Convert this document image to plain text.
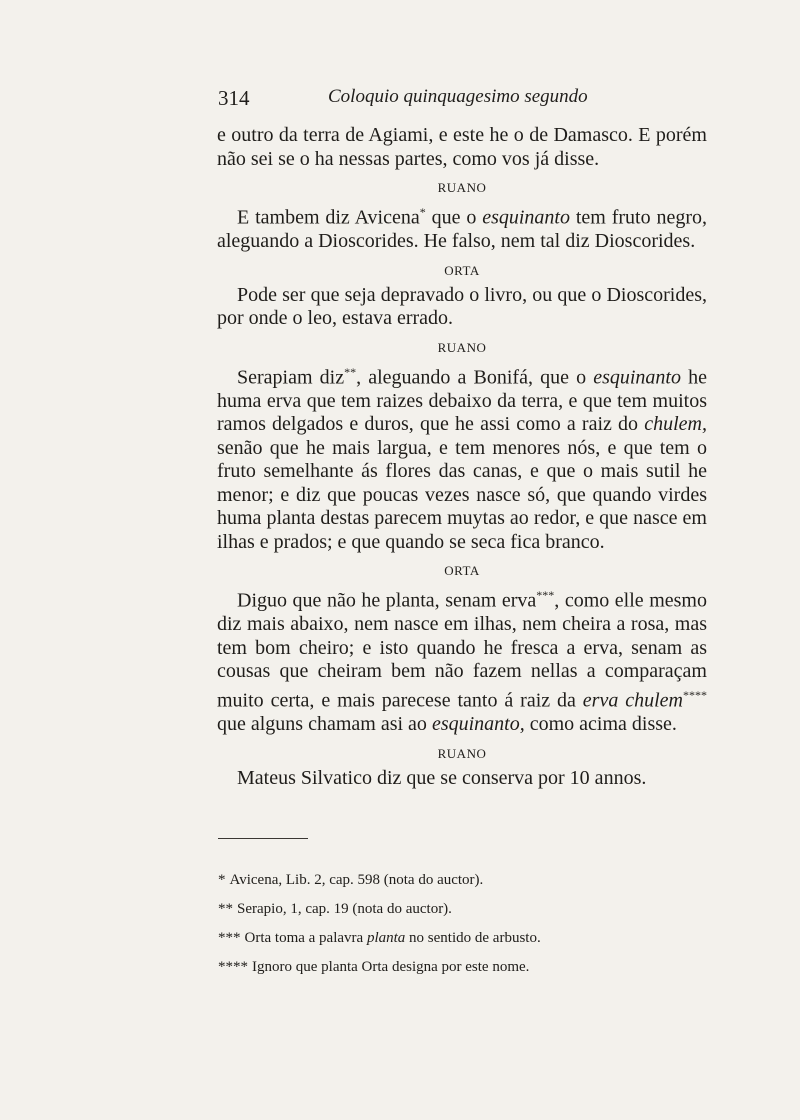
314	Coloquio quinquagesimo segundo

e outro da terra de Agiami, e este he o de Damasco. E porém não sei se o ha nessas partes, como vos já disse.

RUANO

E tambem diz Avicena* que o esquinanto tem fruto negro, aleguando a Dioscorides. He falso, nem tal diz Dioscorides.

ORTA

Pode ser que seja depravado o livro, ou que o Dioscorides, por onde o leo, estava errado.

RUANO

Serapiam diz**, aleguando a Bonifá, que o esquinanto he huma erva que tem raizes debaixo da terra, e que tem muitos ramos delgados e duros, que he assi como a raiz do chulem, senão que he mais largua, e tem menores nós, e que tem o fruto semelhante ás flores das canas, e que o mais sutil he menor; e diz que poucas vezes nasce só, que quando virdes huma planta destas parecem muytas ao redor, e que nasce em ilhas e prados; e que quando se seca fica branco.

ORTA

Diguo que não he planta, senam erva***, como elle mesmo diz mais abaixo, nem nasce em ilhas, nem cheira a rosa, mas tem bom cheiro; e isto quando he fresca a erva, senam as cousas que cheiram bem não fazem nellas a comparaçam muito certa, e mais parecese tanto á raiz da erva chulem**** que alguns chamam asi ao esquinanto, como acima disse.

RUANO

Mateus Silvatico diz que se conserva por 10 annos.

* Avicena, Lib. 2, cap. 598 (nota do auctor).

** Serapio, 1, cap. 19 (nota do auctor).

*** Orta toma a palavra planta no sentido de arbusto.

**** Ignoro que planta Orta designa por este nome.
